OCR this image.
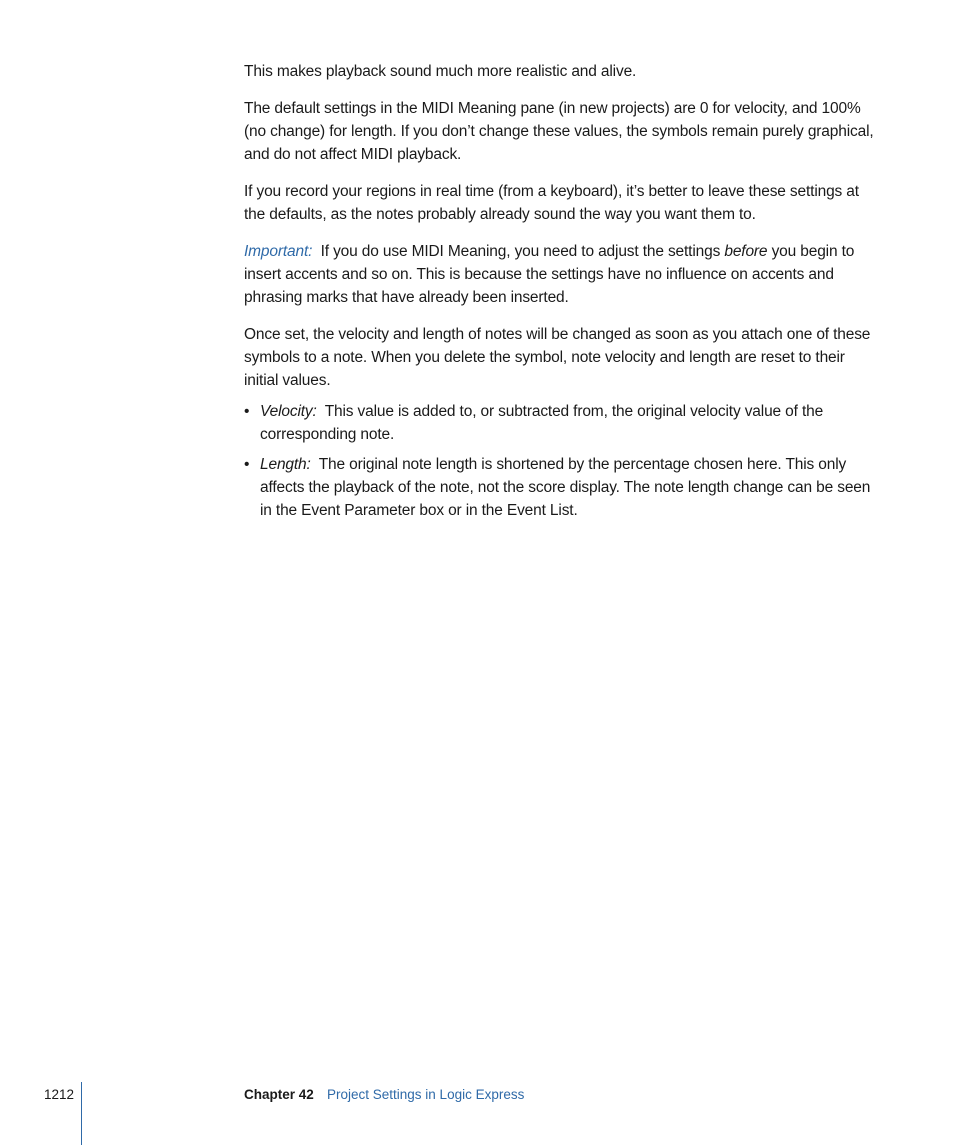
This makes playback sound much more realistic and alive.

The default settings in the MIDI Meaning pane (in new projects) are 0 for velocity, and 100% (no change) for length. If you don’t change these values, the symbols remain purely graphical, and do not affect MIDI playback.

If you record your regions in real time (from a keyboard), it’s better to leave these settings at the defaults, as the notes probably already sound the way you want them to.

Important: If you do use MIDI Meaning, you need to adjust the settings before you begin to insert accents and so on. This is because the settings have no influence on accents and phrasing marks that have already been inserted.

Once set, the velocity and length of notes will be changed as soon as you attach one of these symbols to a note. When you delete the symbol, note velocity and length are reset to their initial values.

• Velocity: This value is added to, or subtracted from, the original velocity value of the corresponding note.
• Length: The original note length is shortened by the percentage chosen here. This only affects the playback of the note, not the score display. The note length change can be seen in the Event Parameter box or in the Event List.
1212	Chapter 42 Project Settings in Logic Express
